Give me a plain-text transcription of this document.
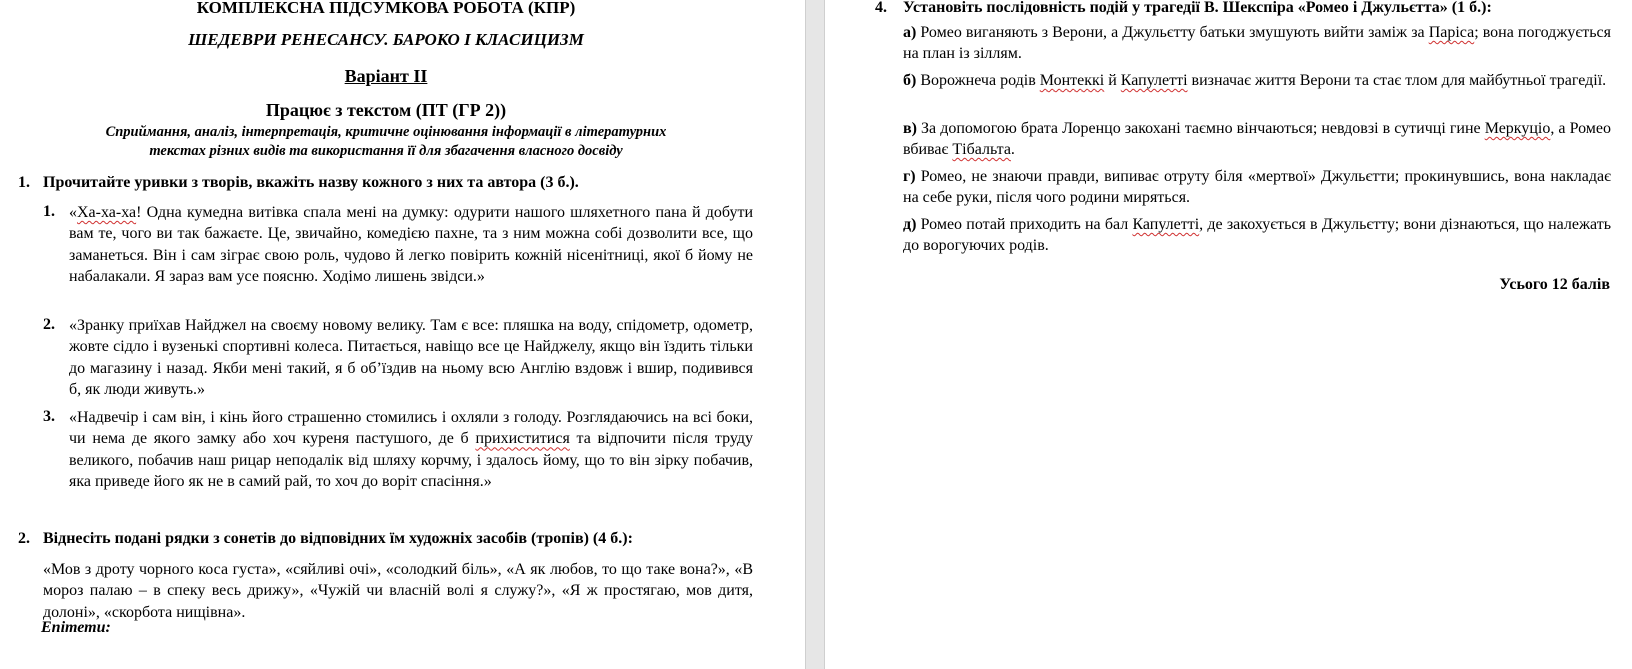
КОМПЛЕКСНА ПІДСУМКОВА РОБОТА (КПР)
ШЕДЕВРИ РЕНЕСАНСУ. БАРОКО І КЛАСИЦИЗМ
Варіант ІІ
Працює з текстом (ПТ (ГР 2))
Сприймання, аналіз, інтерпретація, критичне оцінювання інформації в літературних
текстах різних видів та використання її для збагачення власного досвіду
1. Прочитайте уривки з творів, вкажіть назву кожного з них та автора (3 б.).
1. «Ха-ха-ха! Одна кумедна витівка спала мені на думку: одурити нашого шляхетного пана й добути вам те, чого ви так бажаєте. Це, звичайно, комедією пахне, та з ним можна собі дозволити все, що заманеться. Він і сам зіграє свою роль, чудово й легко повірить кожній нісенітниці, якої б йому не набалакали. Я зараз вам усе поясню. Ходімо лишень звідси.»
2. «Зранку приїхав Найджел на своєму новому велику. Там є все: пляшка на воду, спідометр, одометр, жовте сідло і вузенькі спортивні колеса. Питається, навіщо все це Найджелу, якщо він їздить тільки до магазину і назад. Якби мені такий, я б об’їздив на ньому всю Англію вздовж і вшир, подивився б, як люди живуть.»
3. «Надвечір і сам він, і кінь його страшенно стомились і охляли з голоду. Розглядаючись на всі боки, чи нема де якого замку або хоч куреня пастушого, де б прихиститися та відпочити після труду великого, побачив наш рицар неподалік від шляху корчму, і здалось йому, що то він зірку побачив, яка приведе його як не в самий рай, то хоч до воріт спасіння.»
2. Віднесіть подані рядки з сонетів до відповідних їм художніх засобів (тропів) (4 б.):
«Мов з дроту чорного коса густа», «сяйливі очі», «солодкий біль», «А як любов, то що таке вона?», «В мороз палаю – в спеку весь дрижу», «Чужій чи власній волі я служу?», «Я ж простягаю, мов дитя, долоні», «скорбота нищівна».
Епітети:
4. Установіть послідовність подій у трагедії В. Шекспіра «Ромео і Джульєтта» (1 б.):
а) Ромео виганяють з Верони, а Джульєтту батьки змушують вийти заміж за Паріса; вона погоджується на план із зіллям.
б) Ворожнеча родів Монтеккі й Капулетті визначає життя Верони та стає тлом для майбутньої трагедії.
в) За допомогою брата Лоренцо закохані таємно вінчаються; невдовзі в сутичці гине Меркуціо, а Ромео вбиває Тібальта.
г) Ромео, не знаючи правди, випиває отруту біля «мертвої» Джульєтти; прокинувшись, вона накладає на себе руки, після чого родини миряться.
д) Ромео потай приходить на бал Капулетті, де закохується в Джульєтту; вони дізнаються, що належать до ворогуючих родів.
Усього 12 балів
